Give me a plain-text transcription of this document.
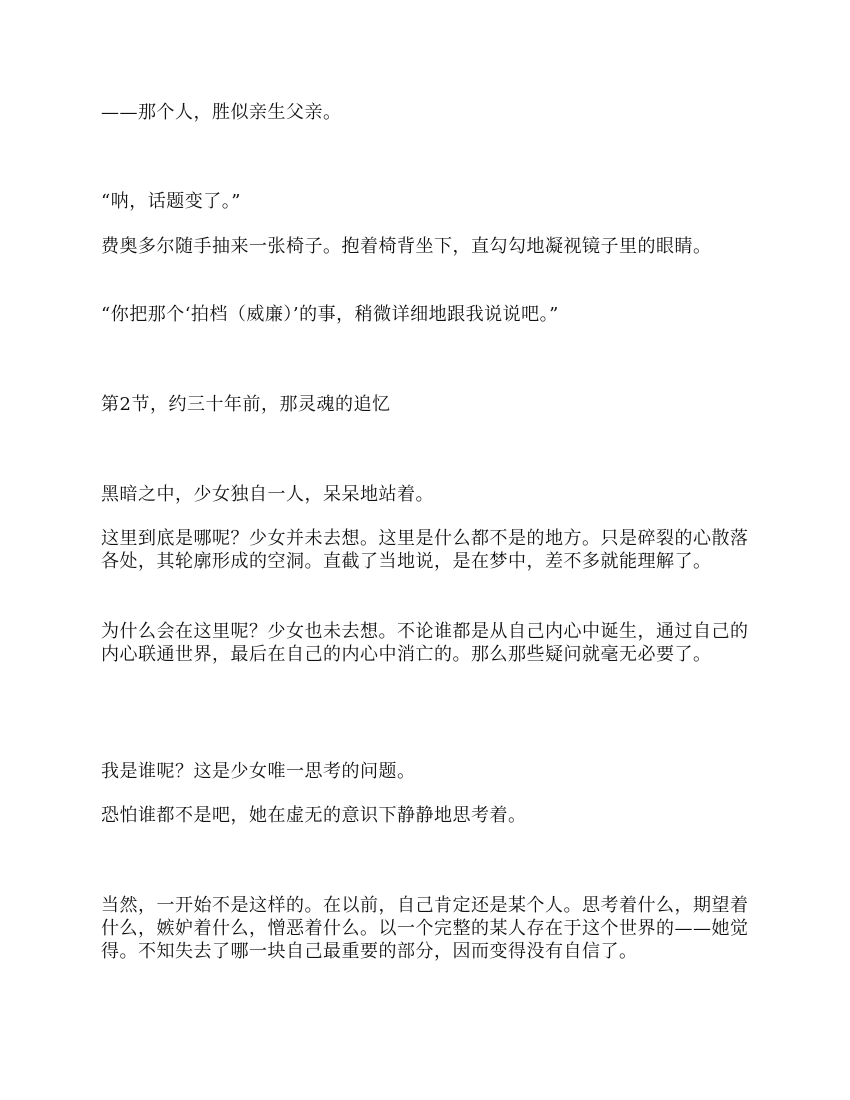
——那个人，胜似亲生父亲。

“呐，话题变了。”

费奥多尔随手抽来一张椅子。抱着椅背坐下，直勾勾地凝视镜子里的眼睛。

“你把那个‘拍档（威廉）’的事，稍微详细地跟我说说吧。”

第2节，约三十年前，那灵魂的追忆

黑暗之中，少女独自一人，呆呆地站着。

这里到底是哪呢？少女并未去想。这里是什么都不是的地方。只是碎裂的心散落各处，其轮廓形成的空洞。直截了当地说，是在梦中，差不多就能理解了。

为什么会在这里呢？少女也未去想。不论谁都是从自己内心中诞生，通过自己的内心联通世界，最后在自己的内心中消亡的。那么那些疑问就毫无必要了。

我是谁呢？这是少女唯一思考的问题。

恐怕谁都不是吧，她在虚无的意识下静静地思考着。

当然，一开始不是这样的。在以前，自己肯定还是某个人。思考着什么，期望着什么，嫉妒着什么，憎恶着什么。以一个完整的某人存在于这个世界的——她觉得。不知失去了哪一块自己最重要的部分，因而变得没有自信了。
